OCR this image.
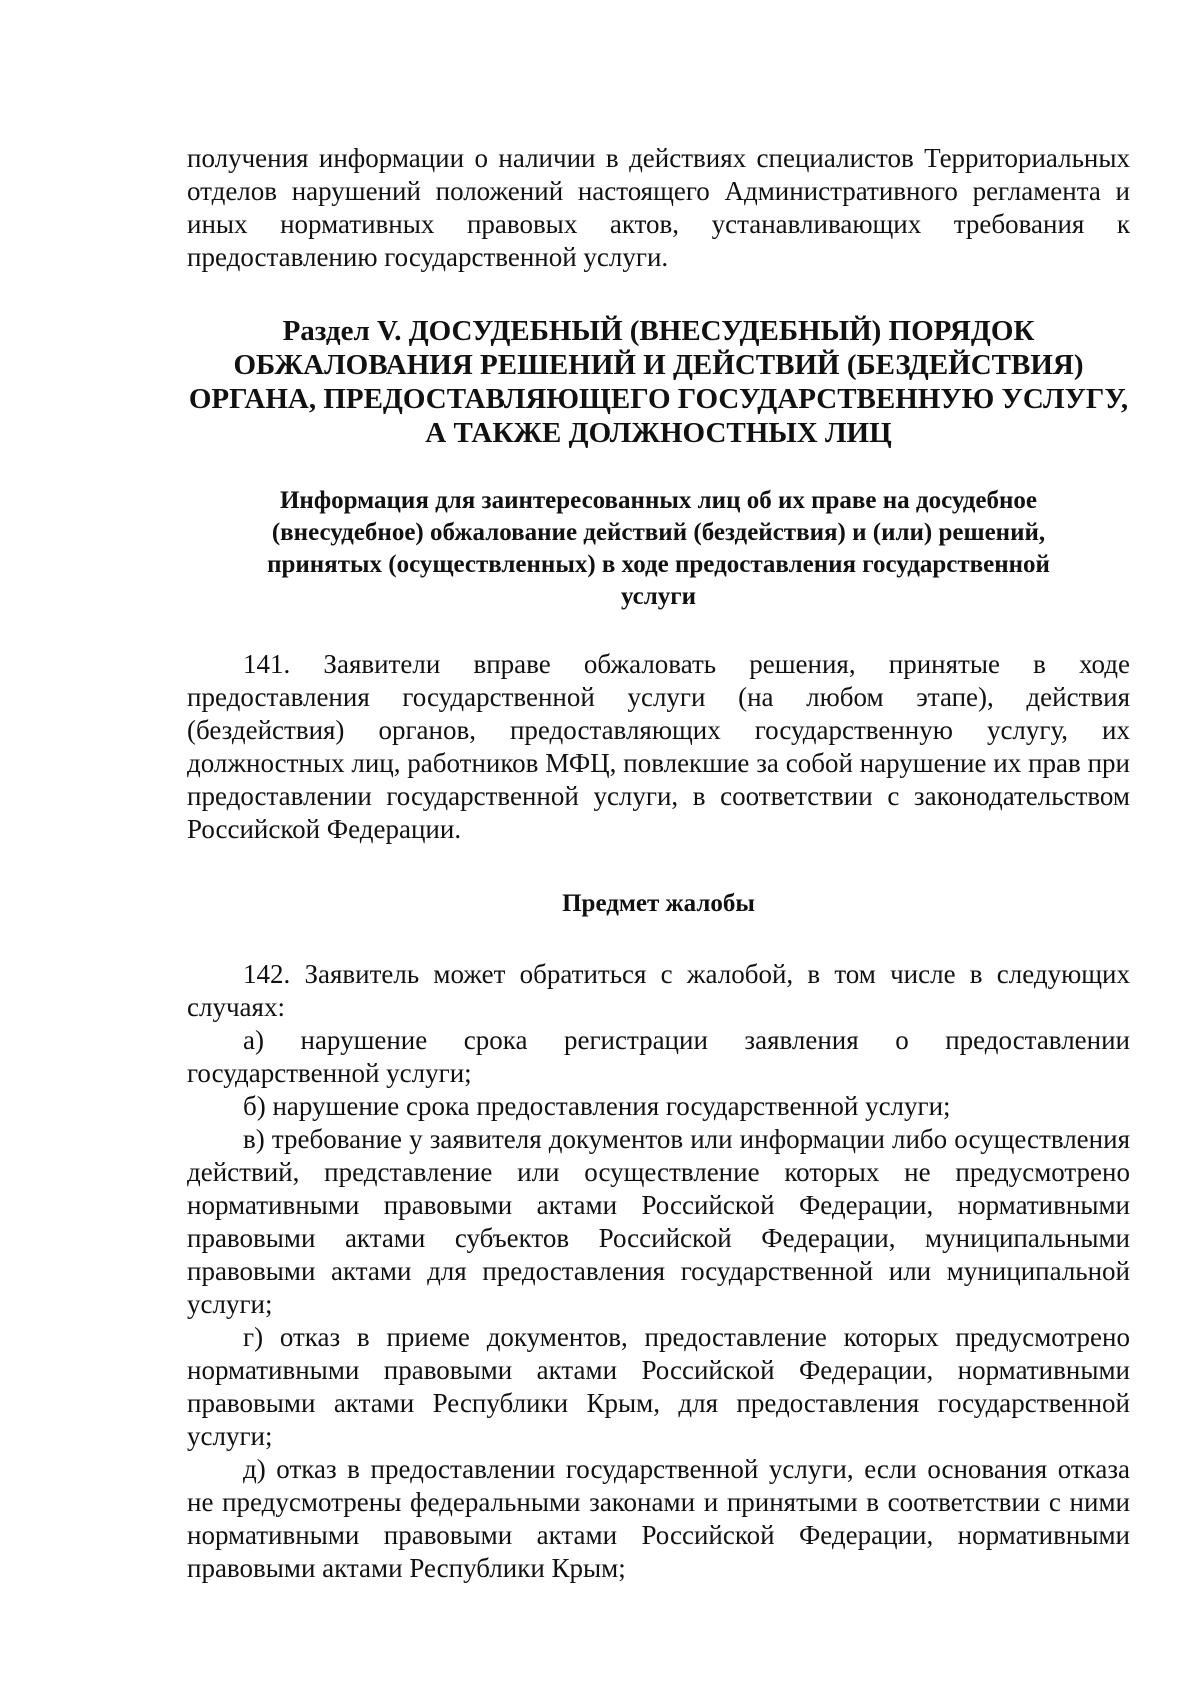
получения информации о наличии в действиях специалистов Территориальных отделов нарушений положений настоящего Административного регламента и иных нормативных правовых актов, устанавливающих требования к предоставлению государственной услуги.

Раздел V. ДОСУДЕБНЫЙ (ВНЕСУДЕБНЫЙ) ПОРЯДОК

ОБЖАЛОВАНИЯ РЕШЕНИЙ И ДЕЙСТВИЙ (БЕЗДЕЙСТВИЯ)

ОРГАНА, ПРЕДОСТАВЛЯЮЩЕГО ГОСУДАРСТВЕННУЮ УСЛУГУ,

А ТАКЖЕ ДОЛЖНОСТНЫХ ЛИЦ

Информация для заинтересованных лиц об их праве на досудебное

(внесудебное) обжалование действий (бездействия) и (или) решений,

принятых (осуществленных) в ходе предоставления государственной

услуги

141. Заявители вправе обжаловать решения, принятые в ходе предоставления государственной услуги (на любом этапе), действия (бездействия) органов, предоставляющих государственную услугу, их должностных лиц, работников МФЦ, повлекшие за собой нарушение их прав при предоставлении государственной услуги, в соответствии с законодательством Российской Федерации.

Предмет жалобы

142. Заявитель может обратиться с жалобой, в том числе в следующих случаях:

а) нарушение срока регистрации заявления о предоставлении государственной услуги;

б) нарушение срока предоставления государственной услуги;

в) требование у заявителя документов или информации либо осуществления действий, представление или осуществление которых не предусмотрено нормативными правовыми актами Российской Федерации, нормативными правовыми актами субъектов Российской Федерации, муниципальными правовыми актами для предоставления государственной или муниципальной услуги;

г) отказ в приеме документов, предоставление которых предусмотрено нормативными правовыми актами Российской Федерации, нормативными правовыми актами Республики Крым, для предоставления государственной услуги;

д) отказ в предоставлении государственной услуги, если основания отказа не предусмотрены федеральными законами и принятыми в соответствии с ними нормативными правовыми актами Российской Федерации, нормативными правовыми актами Республики Крым;
